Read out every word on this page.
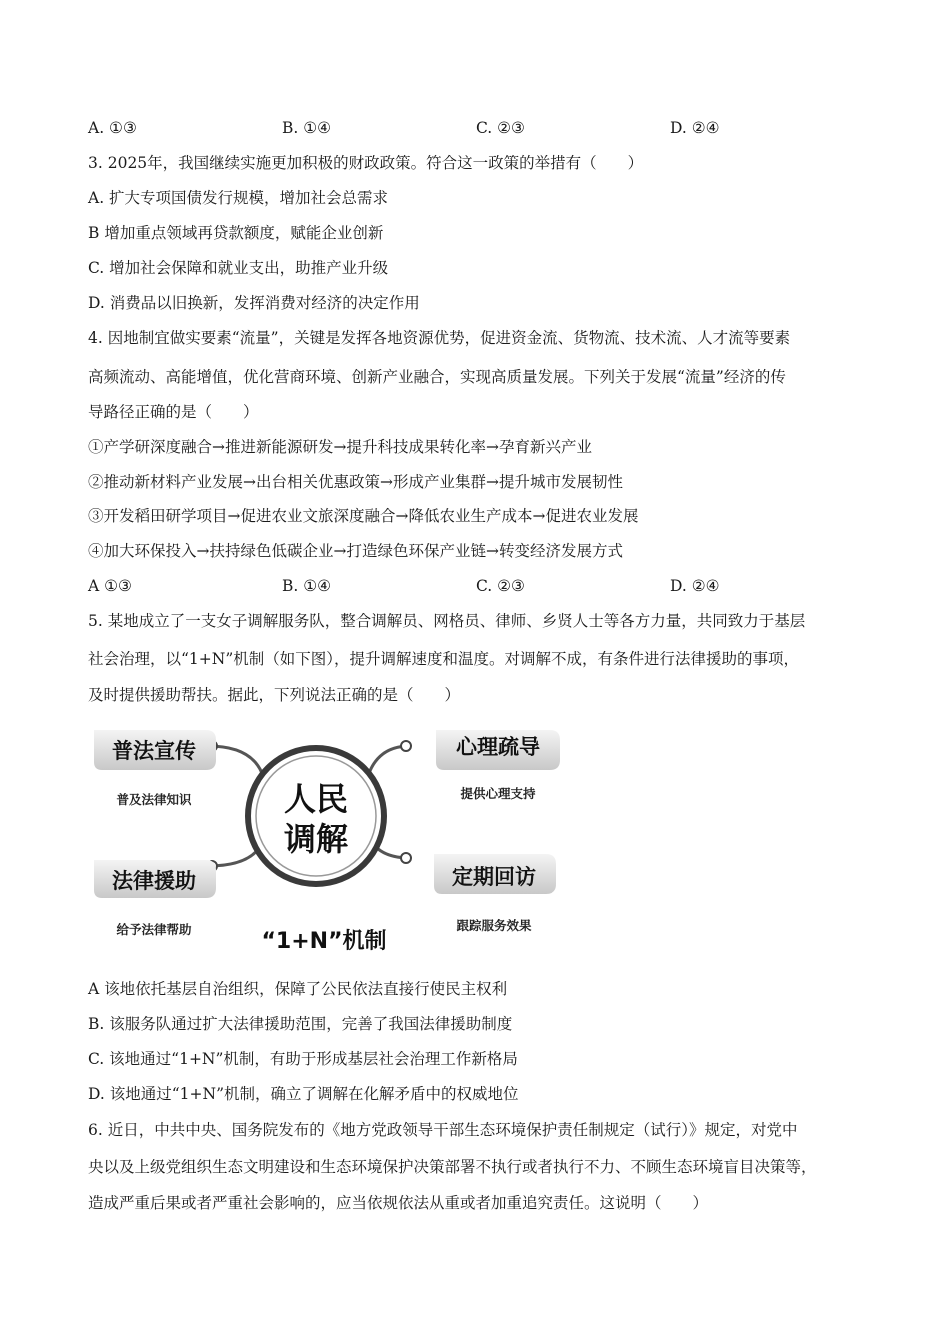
A. ①③	B. ①④	C. ②③	D. ②④
3. 2025年，我国继续实施更加积极的财政政策。符合这一政策的举措有（　　）
A. 扩大专项国债发行规模，增加社会总需求
B 增加重点领域再贷款额度，赋能企业创新
C. 增加社会保障和就业支出，助推产业升级
D. 消费品以旧换新，发挥消费对经济的决定作用
4. 因地制宜做实要素“流量”，关键是发挥各地资源优势，促进资金流、货物流、技术流、人才流等要素
高频流动、高能增值，优化营商环境、创新产业融合，实现高质量发展。下列关于发展“流量”经济的传
导路径正确的是（　　）
①产学研深度融合→推进新能源研发→提升科技成果转化率→孕育新兴产业
②推动新材料产业发展→出台相关优惠政策→形成产业集群→提升城市发展韧性
③开发稻田研学项目→促进农业文旅深度融合→降低农业生产成本→促进农业发展
④加大环保投入→扶持绿色低碳企业→打造绿色环保产业链→转变经济发展方式
A ①③	B. ①④	C. ②③	D. ②④
5. 某地成立了一支女子调解服务队，整合调解员、网格员、律师、乡贤人士等各方力量，共同致力于基层
社会治理，以“1+N”机制（如下图），提升调解速度和温度。对调解不成，有条件进行法律援助的事项，
及时提供援助帮扶。据此，下列说法正确的是（　　）
人民
调解
普法宣传
普及法律知识
心理疏导
提供心理支持
法律援助
给予法律帮助
定期回访
跟踪服务效果
“1+N”机制
A 该地依托基层自治组织，保障了公民依法直接行使民主权利
B. 该服务队通过扩大法律援助范围，完善了我国法律援助制度
C. 该地通过“1+N”机制，有助于形成基层社会治理工作新格局
D. 该地通过“1+N”机制，确立了调解在化解矛盾中的权威地位
6. 近日，中共中央、国务院发布的《地方党政领导干部生态环境保护责任制规定（试行）》规定，对党中
央以及上级党组织生态文明建设和生态环境保护决策部署不执行或者执行不力、不顾生态环境盲目决策等，
造成严重后果或者严重社会影响的，应当依规依法从重或者加重追究责任。这说明（　　）
